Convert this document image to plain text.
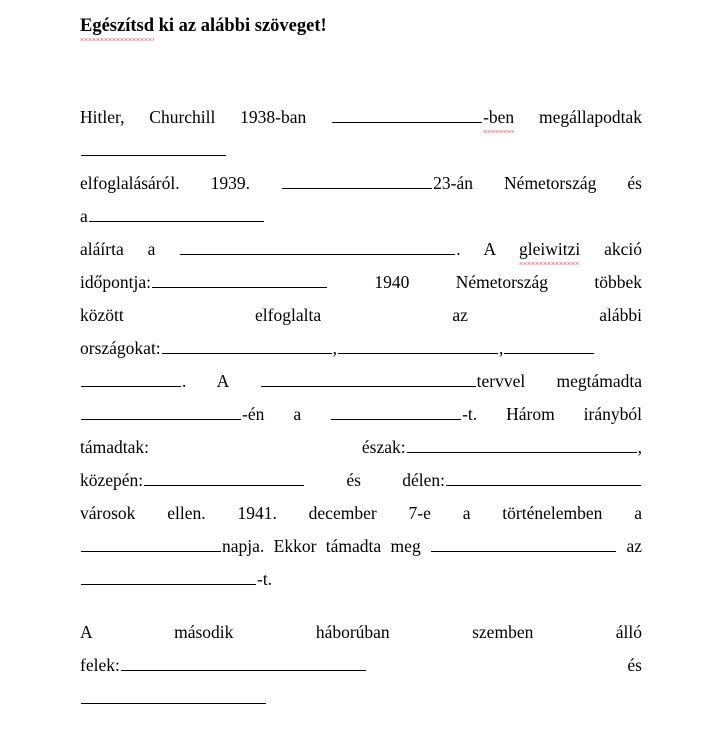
Egészítsd ki az alábbi szöveget!
Hitler, Churchill 1938-ban	-ben megállapodtak
elfoglalásáról. 1939.	23-án Németország és
a
aláírta a	. A gleiwitzi akció
időpontja:	1940 Németország többek
között elfoglalta az alábbi
országokat:	,	,
. A	tervvel megtámadta
-én a	-t. Három irányból
támadtak: észak:	,
közepén:	és délen:
városok ellen. 1941. december 7-e a történelemben a
napja. Ekkor támadta meg	az
-t.
A második háborúban szemben álló
felek:	és
